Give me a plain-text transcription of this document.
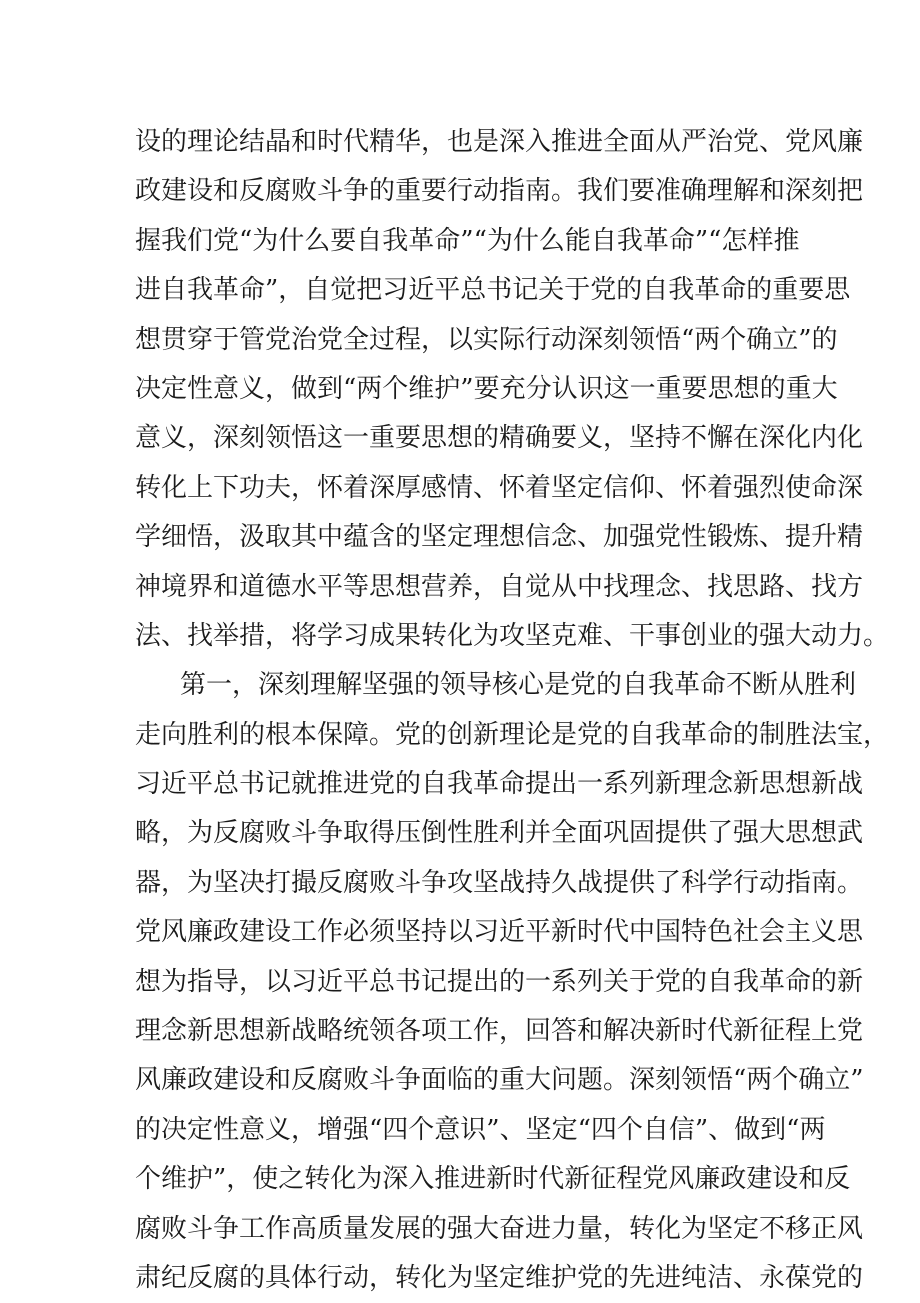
设的理论结晶和时代精华，也是深入推进全面从严治党、党风廉
政建设和反腐败斗争的重要行动指南。我们要准确理解和深刻把
握我们党“为什么要自我革命”“为什么能自我革命”“怎样推
进自我革命”，自觉把习近平总书记关于党的自我革命的重要思
想贯穿于管党治党全过程，以实际行动深刻领悟“两个确立”的
决定性意义，做到“两个维护”要充分认识这一重要思想的重大
意义，深刻领悟这一重要思想的精确要义，坚持不懈在深化内化
转化上下功夫，怀着深厚感情、怀着坚定信仰、怀着强烈使命深
学细悟，汲取其中蕴含的坚定理想信念、加强党性锻炼、提升精
神境界和道德水平等思想营养，自觉从中找理念、找思路、找方
法、找举措，将学习成果转化为攻坚克难、干事创业的强大动力。
第一，深刻理解坚强的领导核心是党的自我革命不断从胜利
走向胜利的根本保障。党的创新理论是党的自我革命的制胜法宝，
习近平总书记就推进党的自我革命提出一系列新理念新思想新战
略，为反腐败斗争取得压倒性胜利并全面巩固提供了强大思想武
器，为坚决打撮反腐败斗争攻坚战持久战提供了科学行动指南。
党风廉政建设工作必须坚持以习近平新时代中国特色社会主义思
想为指导，以习近平总书记提出的一系列关于党的自我革命的新
理念新思想新战略统领各项工作，回答和解决新时代新征程上党
风廉政建设和反腐败斗争面临的重大问题。深刻领悟“两个确立”
的决定性意义，增强“四个意识”、坚定“四个自信”、做到“两
个维护”，使之转化为深入推进新时代新征程党风廉政建设和反
腐败斗争工作高质量发展的强大奋进力量，转化为坚定不移正风
肃纪反腐的具体行动，转化为坚定维护党的先进纯洁、永葆党的
